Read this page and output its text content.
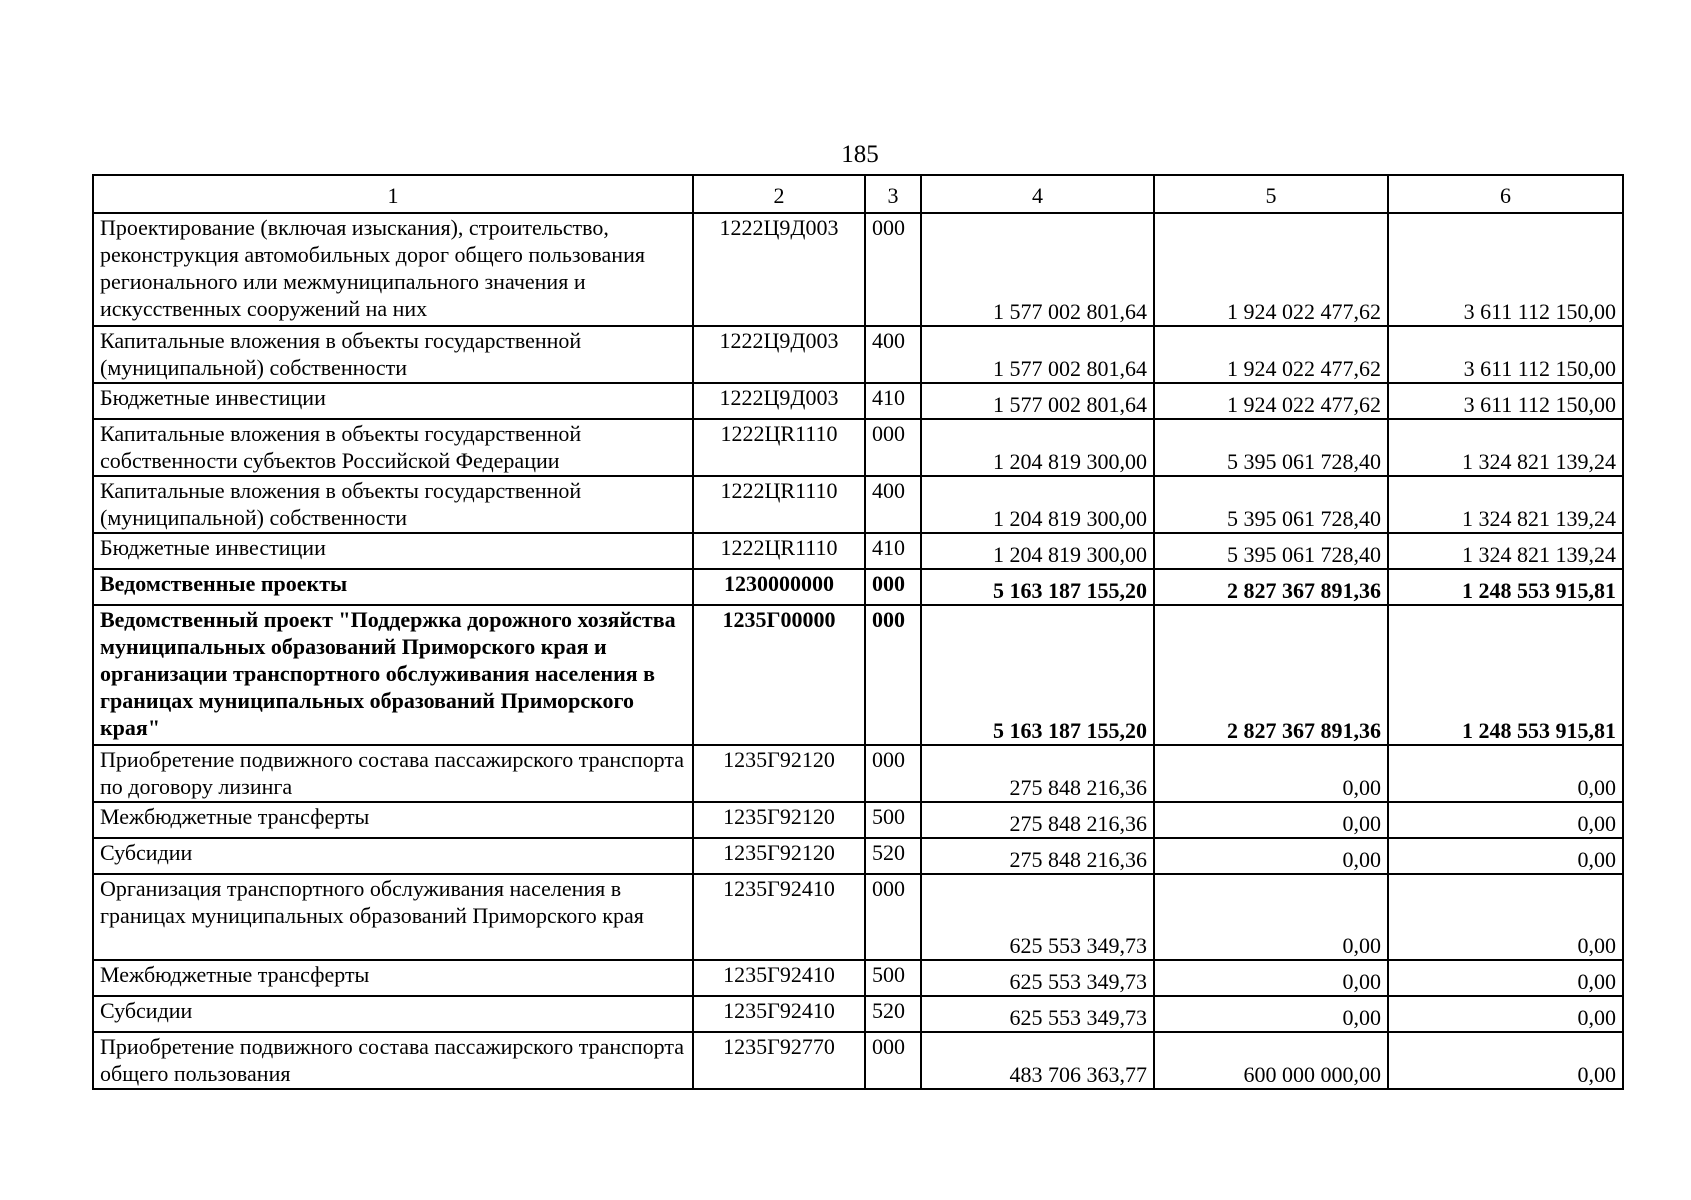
185
1	2	3	4	5	6
Проектирование (включая изыскания), строительство, реконструкция автомобильных дорог общего пользования регионального или межмуниципального значения и искусственных сооружений на них	1222Ц9Д003	000	1 577 002 801,64	1 924 022 477,62	3 611 112 150,00
Капитальные вложения в объекты государственной (муниципальной) собственности	1222Ц9Д003	400	1 577 002 801,64	1 924 022 477,62	3 611 112 150,00
Бюджетные инвестиции	1222Ц9Д003	410	1 577 002 801,64	1 924 022 477,62	3 611 112 150,00
Капитальные вложения в объекты государственной собственности субъектов Российской Федерации	1222ЦR1110	000	1 204 819 300,00	5 395 061 728,40	1 324 821 139,24
Капитальные вложения в объекты государственной (муниципальной) собственности	1222ЦR1110	400	1 204 819 300,00	5 395 061 728,40	1 324 821 139,24
Бюджетные инвестиции	1222ЦR1110	410	1 204 819 300,00	5 395 061 728,40	1 324 821 139,24
Ведомственные проекты	1230000000	000	5 163 187 155,20	2 827 367 891,36	1 248 553 915,81
Ведомственный проект "Поддержка дорожного хозяйства муниципальных образований Приморского края и организации транспортного обслуживания населения в границах муниципальных образований Приморского края"	1235Г00000	000	5 163 187 155,20	2 827 367 891,36	1 248 553 915,81
Приобретение подвижного состава пассажирского транспорта по договору лизинга	1235Г92120	000	275 848 216,36	0,00	0,00
Межбюджетные трансферты	1235Г92120	500	275 848 216,36	0,00	0,00
Субсидии	1235Г92120	520	275 848 216,36	0,00	0,00
Организация транспортного обслуживания населения в границах муниципальных образований Приморского края	1235Г92410	000	625 553 349,73	0,00	0,00
Межбюджетные трансферты	1235Г92410	500	625 553 349,73	0,00	0,00
Субсидии	1235Г92410	520	625 553 349,73	0,00	0,00
Приобретение подвижного состава пассажирского транспорта общего пользования	1235Г92770	000	483 706 363,77	600 000 000,00	0,00
